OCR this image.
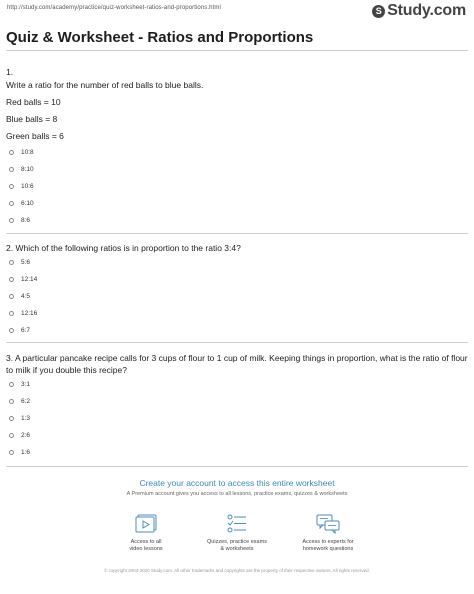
http://study.com/academy/practice/quiz-worksheet-ratios-and-proportions.html	S Study.com
Quiz & Worksheet - Ratios and Proportions
1.
Write a ratio for the number of red balls to blue balls.
Red balls = 10
Blue balls = 8
Green balls = 6
10:8
8:10
10:6
6:10
8:6
2. Which of the following ratios is in proportion to the ratio 3:4?
5:6
12:14
4:5
12:16
6:7
3. A particular pancake recipe calls for 3 cups of flour to 1 cup of milk. Keeping things in proportion, what is the ratio of flour to milk if you double this recipe?
3:1
6:2
1:3
2:6
1:6
Create your account to access this entire worksheet
A Premium account gives you access to all lessons, practice exams, quizzes & worksheets
Access to all
video lessons
Quizzes, practice exams
& worksheets
Access to experts for
homework questions
© copyright 2003-2020 Study.com. All other trademarks and copyrights are the property of their respective owners. All rights reserved.
